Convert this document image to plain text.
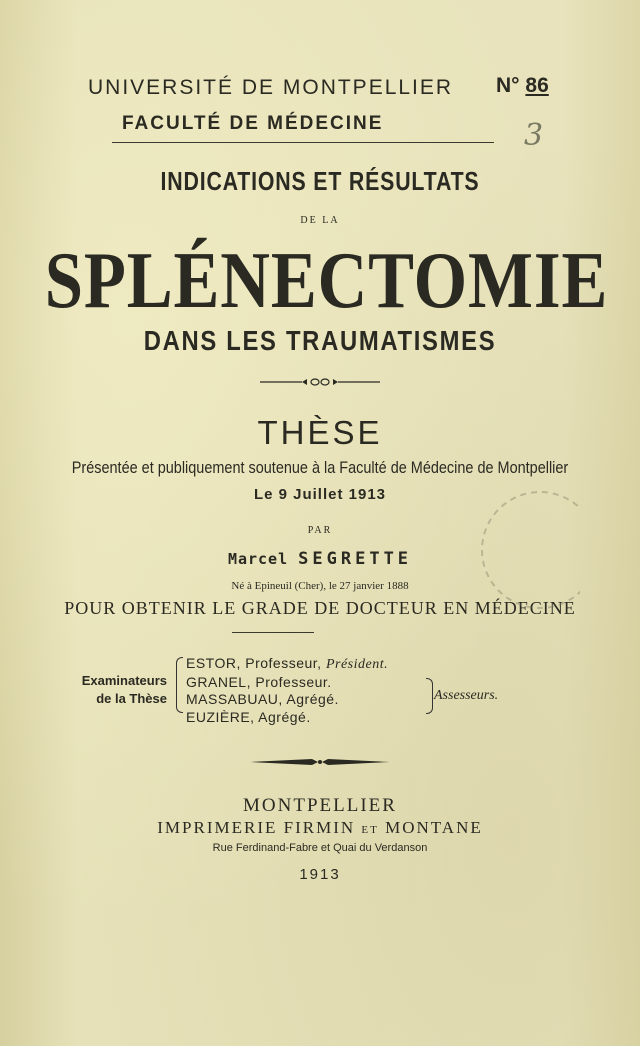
UNIVERSITÉ DE MONTPELLIER N° 86
3
FACULTÉ DE MÉDECINE
INDICATIONS ET RÉSULTATS
DE LA
SPLÉNECTOMIE
DANS LES TRAUMATISMES
THÈSE
Présentée et publiquement soutenue à la Faculté de Médecine de Montpellier
Le 9 Juillet 1913
PAR
Marcel SEGRETTE
Né à Epineuil (Cher), le 27 janvier 1888
POUR OBTENIR LE GRADE DE DOCTEUR EN MÉDECINE
Examinateurs
de la Thèse
ESTOR, Professeur, Président.
GRANEL, Professeur.
MASSABUAU, Agrégé.
EUZIÈRE, Agrégé.
Assesseurs.
MONTPELLIER
IMPRIMERIE FIRMIN ET MONTANE
Rue Ferdinand-Fabre et Quai du Verdanson
1913
